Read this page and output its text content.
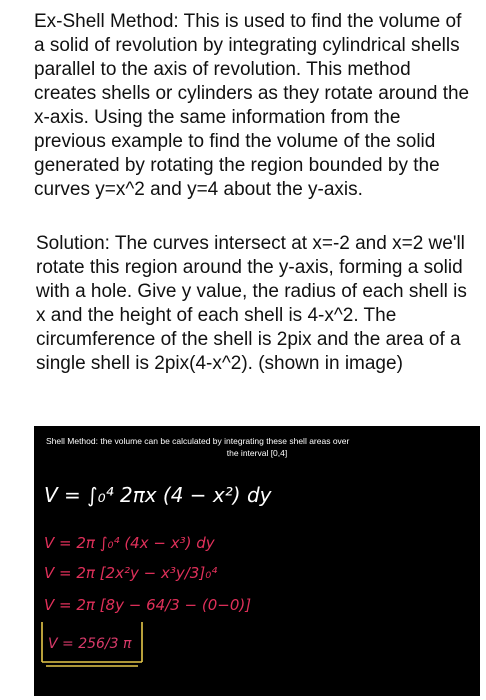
Ex-Shell Method: This is used to find the volume of a solid of revolution by integrating cylindrical shells parallel to the axis of revolution. This method creates shells or cylinders as they rotate around the x-axis. Using the same information from the previous example to find the volume of the solid generated by rotating the region bounded by the curves y=x^2 and y=4 about the y-axis.

Solution: The curves intersect at x=-2 and x=2 we'll rotate this region around the y-axis, forming a solid with a hole. Give y value, the radius of each shell is x and the height of each shell is 4-x^2. The circumference of the shell is 2pix and the area of a single shell is 2pix(4-x^2). (shown in image)

Shell Method: the volume can be calculated by integrating these shell areas over
the interval [0,4]
V = ∫₀⁴ 2πx (4 − x²) dy
V = 2π ∫₀⁴ (4x − x³) dy
V = 2π [2x²y − x³y/3]₀⁴
V = 2π [8y − 64/3 − (0−0)]
V = 256/3 π
